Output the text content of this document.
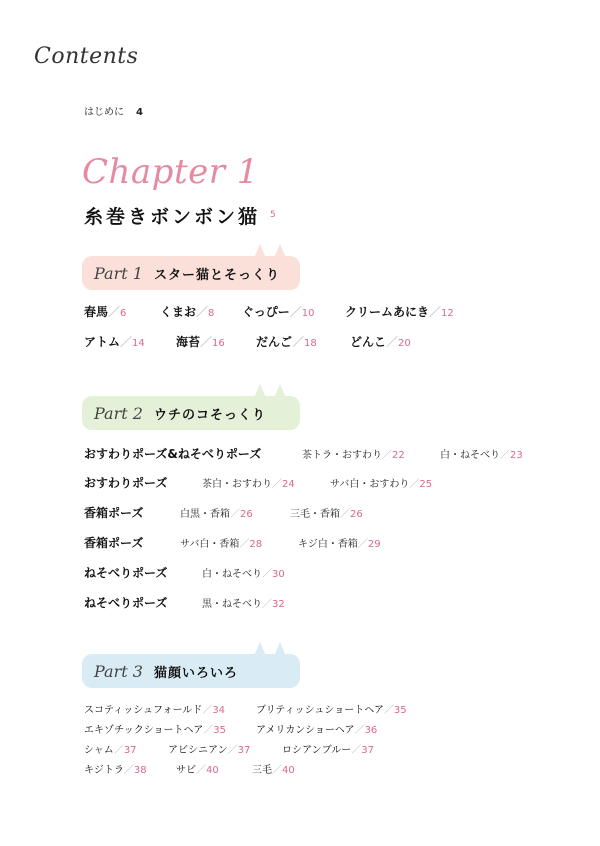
Contents
はじめに 4
Chapter 1
糸巻きボンボン猫 $^5$
Part 1 スター猫とそっくり
春馬／6	くまお／8 ぐっぴー／10	クリームあにき／12
アトム／14	海苔／16	だんご／18	どんこ／20
Part 2 ウチのコそっくり
おすわりポーズ&ねそべりポーズ	茶トラ・おすわり／22	白・ねそべり／23
おすわりポーズ	茶白・おすわり／24	サバ白・おすわり／25
香箱ポーズ	白黒・香箱／26	三毛・香箱／26
香箱ポーズ	サバ白・香箱／28	キジ白・香箱／29
ねそべりポーズ	白・ねそべり／30
ねそべりポーズ	黒・ねそべり／32
Part 3 猫顔いろいろ
スコティッシュフォールド／34	ブリティッシュショートヘア／35
エキゾチックショートヘア／35	アメリカンショーヘア／36
シャム／37	アビシニアン／37	ロシアンブルー／37
キジトラ／38	サビ／40	三毛／40
